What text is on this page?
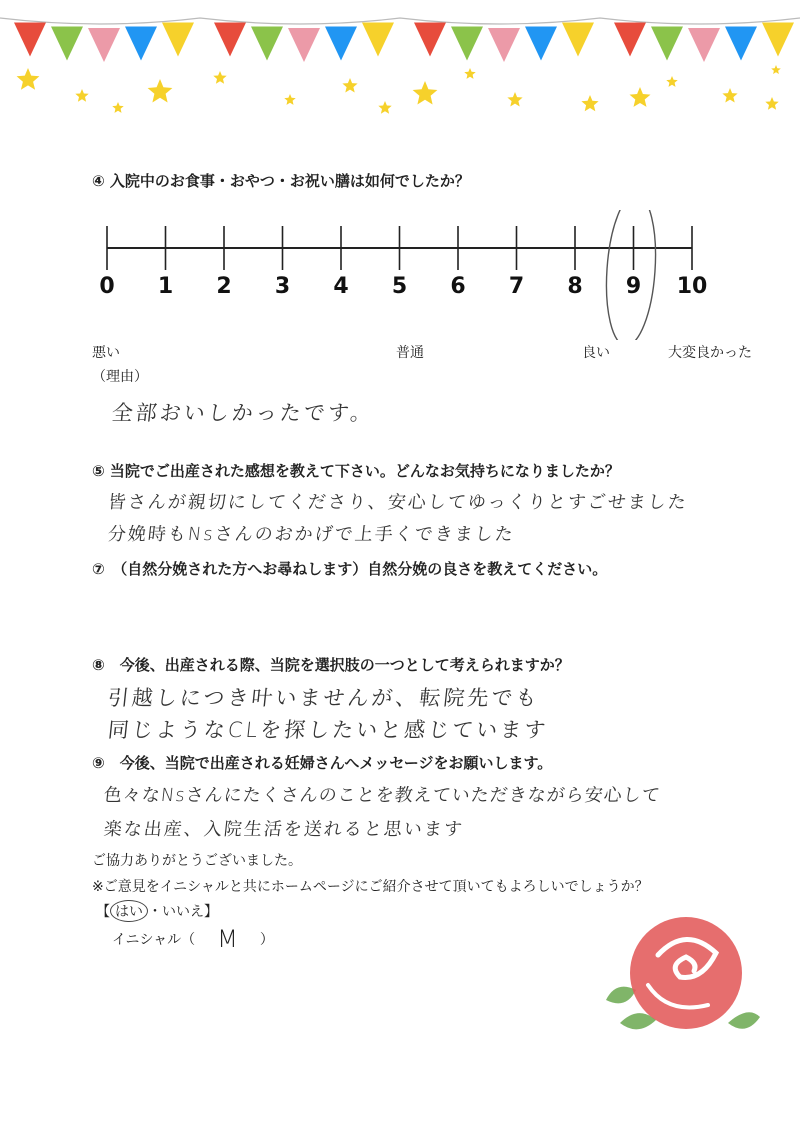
④ 入院中のお食事・おやつ・お祝い膳は如何でしたか？
0	1	2	3	4	5	6	7	8	9	10
悪い	普通	良い	大変良かった
（理由）
全部おいしかったです。
⑤ 当院でご出産された感想を教えて下さい。どんなお気持ちになりましたか？
皆さんが親切にしてくださり、安心してゆっくりとすごせました
分娩時もNsさんのおかげで上手くできました
⑦　（自然分娩された方へお尋ねします）自然分娩の良さを教えてください。
⑧　今後、出産される際、当院を選択肢の一つとして考えられますか？
引越しにつき叶いませんが、転院先でも
同じようなCLを探したいと感じています
⑨　今後、当院で出産される妊婦さんへメッセージをお願いします。
色々なNsさんにたくさんのことを教えていただきながら安心して
楽な出産、入院生活を送れると思います
ご協力ありがとうございました。
※ご意見をイニシャルと共にホームページにご紹介させて頂いてもよろしいでしょうか？
【 はい ・いいえ】
イニシャル（ M ）
